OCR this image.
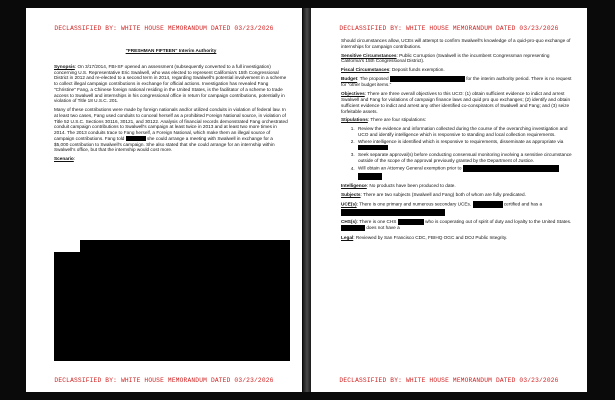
DECLASSIFIED BY: WHITE HOUSE MEMORANDUM DATED 03/23/2026

"FRESHMAN FIFTEEN" Interim Authority

Synopsis: On 3/17/2014, FBI-SF opened an assessment (subsequently converted to a full investigation) concerning U.S. Representative Eric Swalwell, who was elected to represent California's 15th Congressional District in 2012 and re-elected to a second term in 2014, regarding Swalwell's potential involvement in a scheme to collect illegal campaign contributions in exchange for official actions. Investigation has revealed Fang "Christine" Fang, a Chinese foreign national residing in the United States, is the facilitator of a scheme to trade access to Swalwell and internships in his congressional office in return for campaign contributions, potentially in violation of Title 18 U.S.C. 201.

Many of these contributions were made by foreign nationals and/or utilized conduits in violation of federal law. In at least two cases, Fang used conduits to conceal herself as a prohibited Foreign National source, in violation of Title 52 U.S.C. Sections 30116, 30121, and 30122. Analysis of financial records demonstrated Fang orchestrated conduit campaign contributions to Swalwell's campaign at least twice in 2013 and at least two more times in 2014. The 2013 conduits trace to Fang herself, a Foreign National, which make them an illegal source of campaign contributions. Fang told	she could arrange a meeting with Swalwell in exchange for a $5,000 contribution to Swalwell's campaign. She also stated that she could arrange for an internship within Swalwell's office, but that the internship would cost more.

Scenario:

DECLASSIFIED BY: WHITE HOUSE MEMORANDUM DATED 03/23/2026
DECLASSIFIED BY: WHITE HOUSE MEMORANDUM DATED 03/23/2026

Should circumstances allow, UCEs will attempt to confirm Swalwell's knowledge of a quid-pro-quo exchange of internships for campaign contributions.

Sensitive Circumstances: Public Corruption (Swalwell is the incumbent Congressman representing California's 15th Congressional District).

Fiscal Circumstances: Deposit funds exemption.

Budget: The proposed	for the interim authority period. There is no request for "other budget items."

Objectives: There are three overall objectives to this UCO: (1) obtain sufficient evidence to indict and arrest Swalwell and Fang for violations of campaign finance laws and quid pro quo exchanges; (2) identify and obtain sufficient evidence to indict and arrest any other identified co-conspirators of Swalwell and Fang; and (3) seize forfeitable assets.

Stipulations: There are four stipulations:

1. Review the evidence and information collected during the course of the overarching investigation and UCO and identify intelligence which is responsive to standing and local collection requirements.
2. Where intelligence is identified which is responsive to requirements, disseminate as appropriate via
3. Seek separate approval(s) before conducting consensual monitoring involving a sensitive circumstance outside of the scope of the approval previously granted by the Department of Justice.
4. Will obtain an Attorney General exemption prior to

Intelligence: No products have been produced to date.

Subjects: There are two subjects (Swalwell and Fang) both of whom are fully predicated.

UCE(s): There is one primary and numerous secondary UCEs.	certified and has a

CHS(s): There is one CHS	who is cooperating out of spirit of duty and loyalty to the United States.  does not have a

Legal: Reviewed by San Francisco CDC, FBIHQ OGC and DOJ Public Integrity.

DECLASSIFIED BY: WHITE HOUSE MEMORANDUM DATED 03/23/2026
